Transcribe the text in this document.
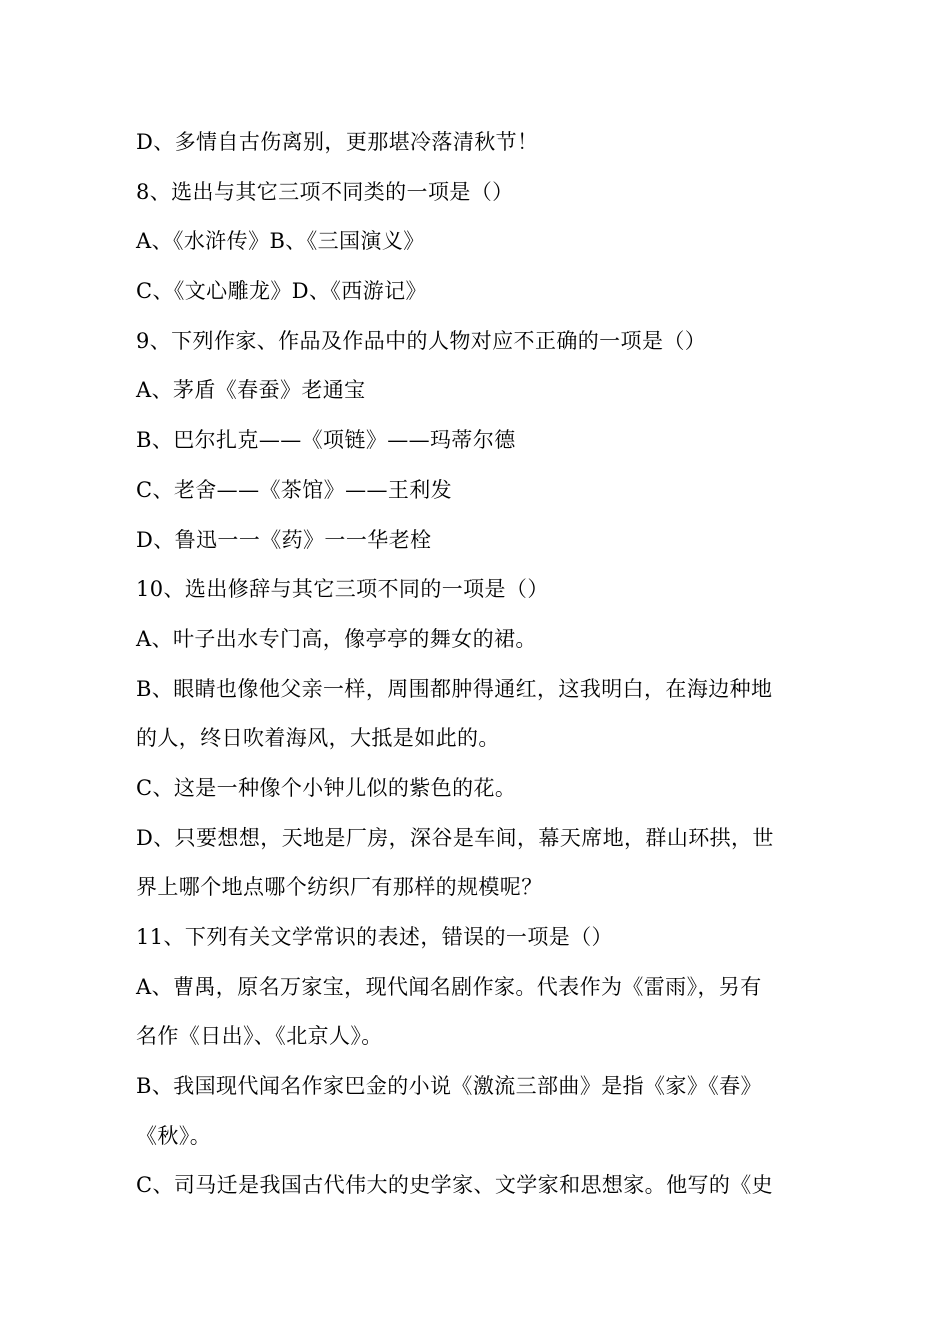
D、多情自古伤离别，更那堪冷落清秋节！
8、选出与其它三项不同类的一项是（）
A、《水浒传》B、《三国演义》
C、《文心雕龙》D、《西游记》
9、下列作家、作品及作品中的人物对应不正确的一项是（）
A、茅盾《春蚕》老通宝
B、巴尔扎克——《项链》——玛蒂尔德
C、老舍——《茶馆》——王利发
D、鲁迅一一《药》一一华老栓
10、选出修辞与其它三项不同的一项是（）
A、叶子出水专门高，像亭亭的舞女的裙。
B、眼睛也像他父亲一样，周围都肿得通红，这我明白，在海边种地
的人，终日吹着海风，大抵是如此的。
C、这是一种像个小钟儿似的紫色的花。
D、只要想想，天地是厂房，深谷是车间，幕天席地，群山环拱，世
界上哪个地点哪个纺织厂有那样的规模呢？
11、下列有关文学常识的表述，错误的一项是（）
A、曹禺，原名万家宝，现代闻名剧作家。代表作为《雷雨》，另有
名作《日出》、《北京人》。
B、我国现代闻名作家巴金的小说《激流三部曲》是指《家》《春》
《秋》。
C、司马迁是我国古代伟大的史学家、文学家和思想家。他写的《史
